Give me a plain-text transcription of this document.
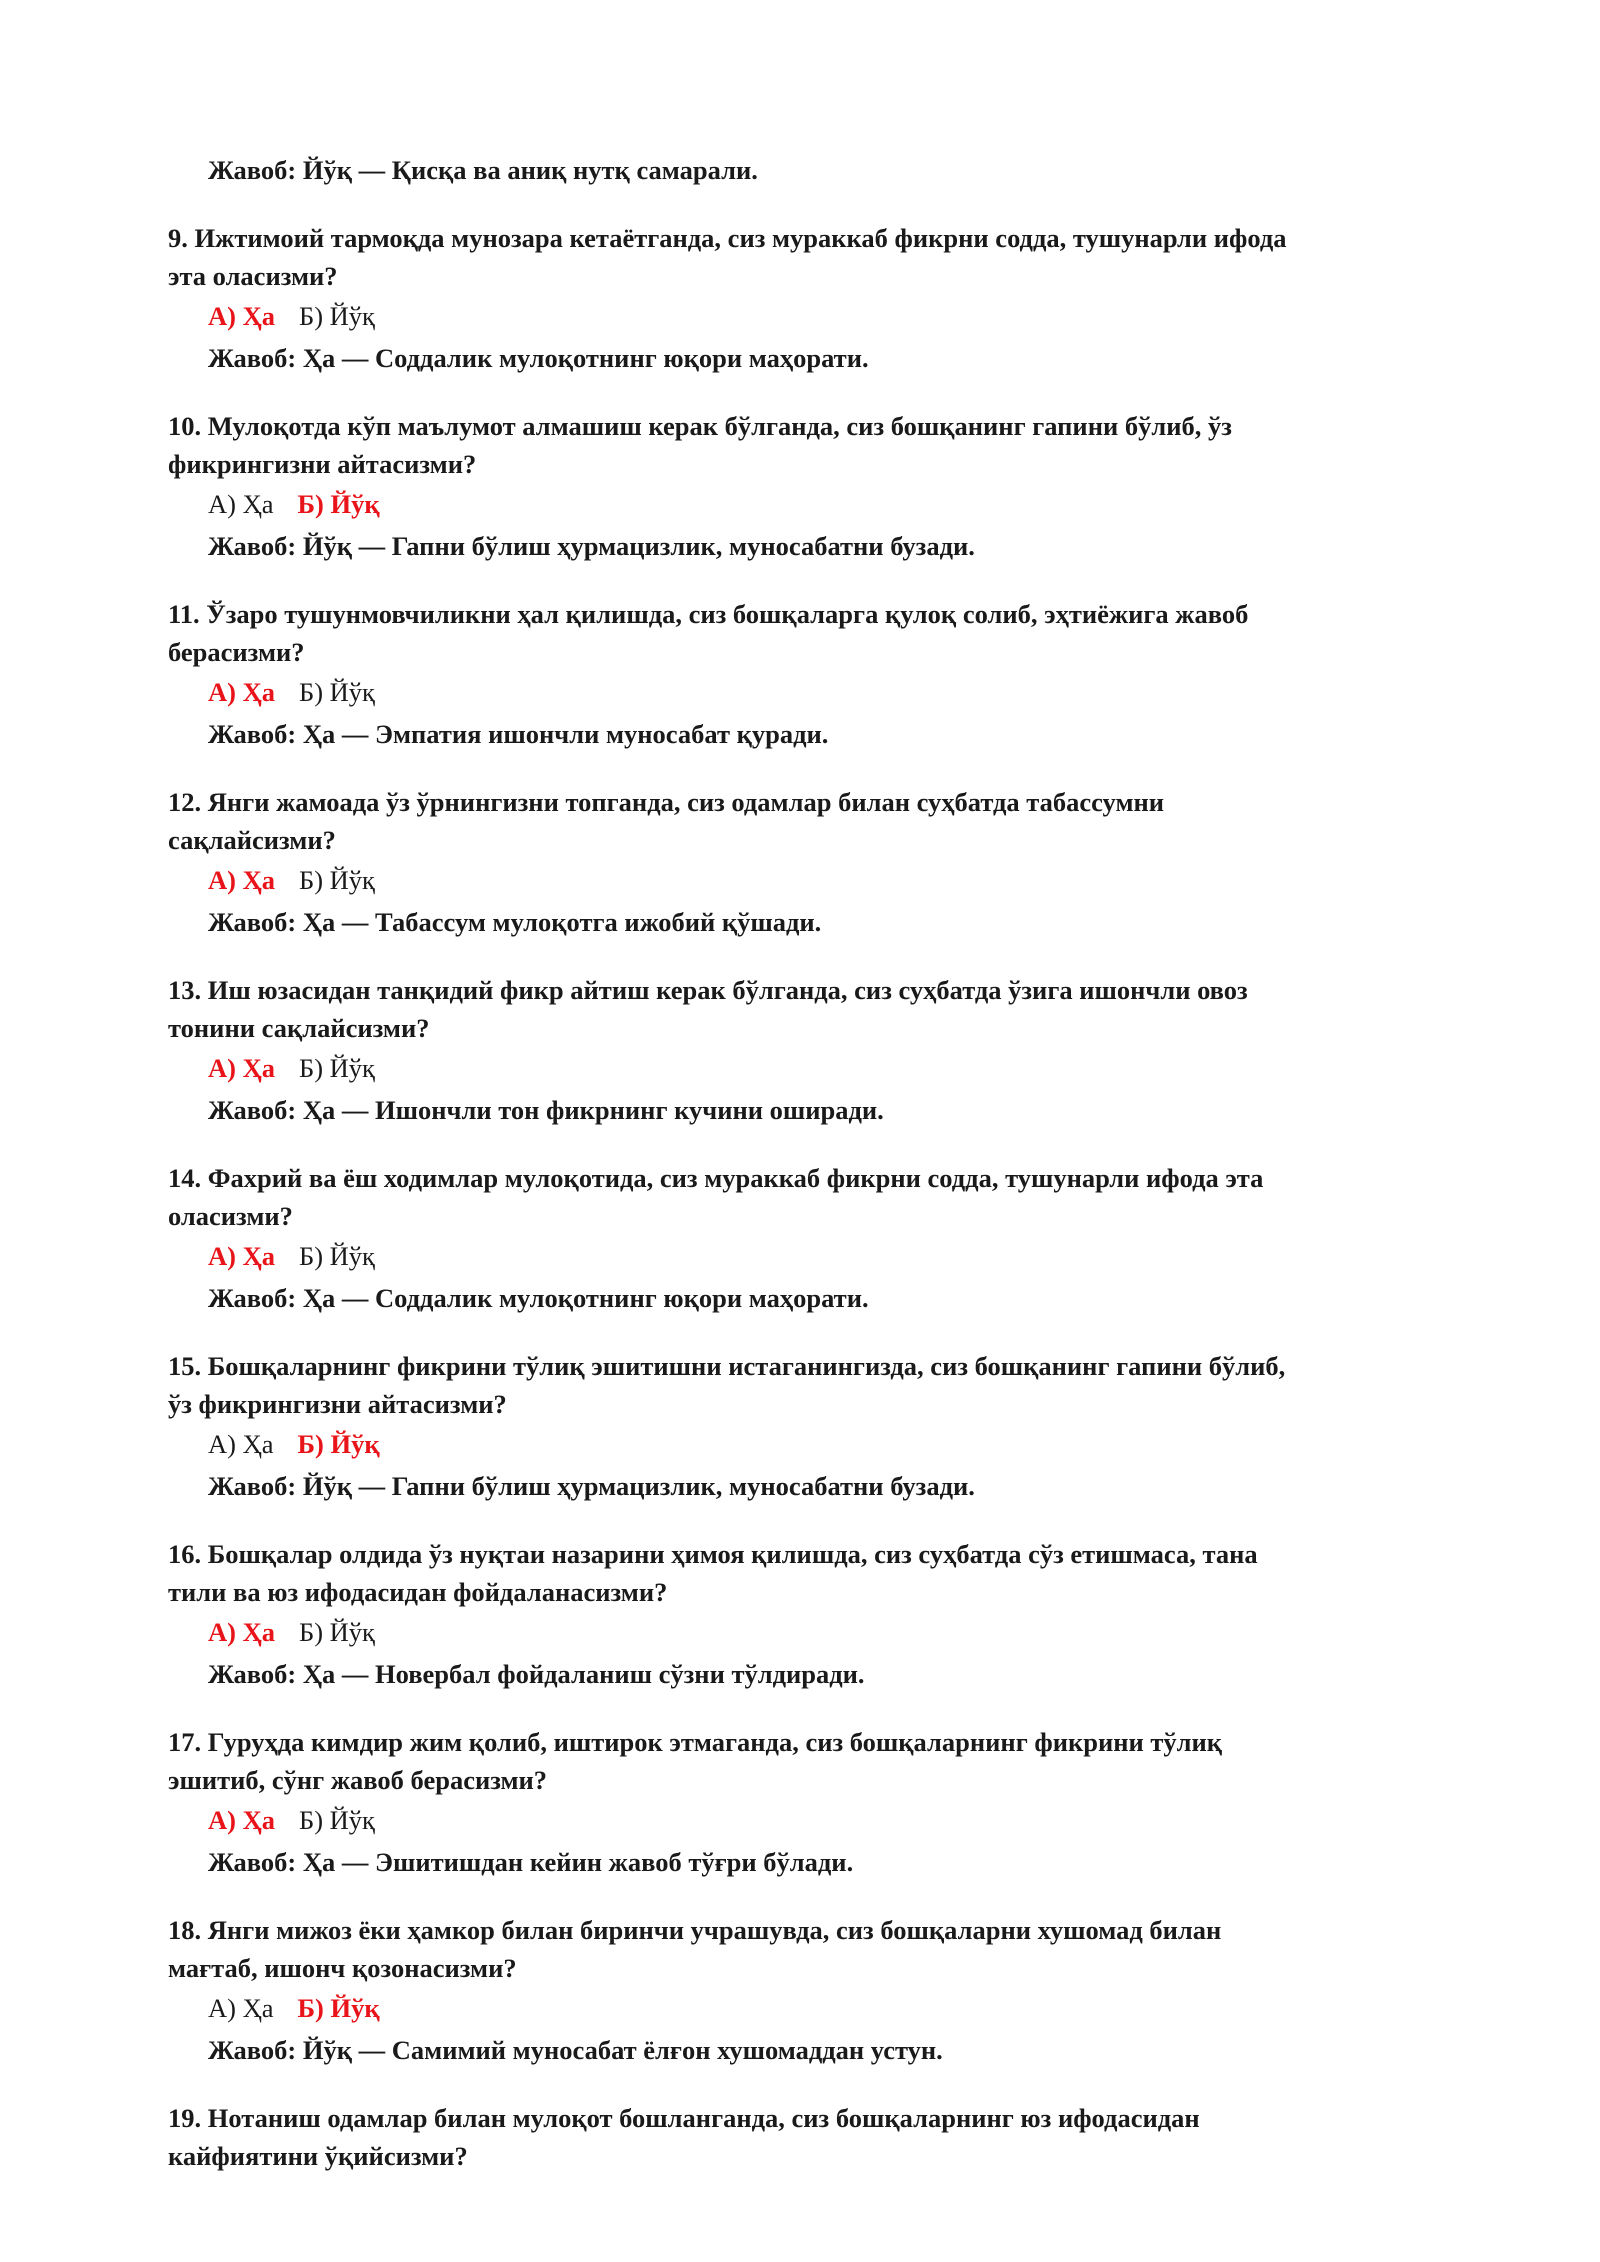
Жавоб: Йўқ — Қисқа ва аниқ нутқ самарали.
9. Ижтимоий тармоқда мунозара кетаётганда, сиз мураккаб фикрни содда, тушунарли ифода
эта оласизми?
А) Ҳа Б) Йўқ
Жавоб: Ҳа — Соддалик мулоқотнинг юқори маҳорати.
10. Мулоқотда кўп маълумот алмашиш керак бўлганда, сиз бошқанинг гапини бўлиб, ўз
фикрингизни айтасизми?
А) Ҳа Б) Йўқ
Жавоб: Йўқ — Гапни бўлиш ҳурмацизлик, муносабатни бузади.
11. Ўзаро тушунмовчиликни ҳал қилишда, сиз бошқаларга қулоқ солиб, эҳтиёжига жавоб
берасизми?
А) Ҳа Б) Йўқ
Жавоб: Ҳа — Эмпатия ишончли муносабат қуради.
12. Янги жамоада ўз ўрнингизни топганда, сиз одамлар билан суҳбатда табассумни
сақлайсизми?
А) Ҳа Б) Йўқ
Жавоб: Ҳа — Табассум мулоқотга ижобий қўшади.
13. Иш юзасидан танқидий фикр айтиш керак бўлганда, сиз суҳбатда ўзига ишончли овоз
тонини сақлайсизми?
А) Ҳа Б) Йўқ
Жавоб: Ҳа — Ишончли тон фикрнинг кучини оширади.
14. Фахрий ва ёш ходимлар мулоқотида, сиз мураккаб фикрни содда, тушунарли ифода эта
оласизми?
А) Ҳа Б) Йўқ
Жавоб: Ҳа — Соддалик мулоқотнинг юқори маҳорати.
15. Бошқаларнинг фикрини тўлиқ эшитишни истаганингизда, сиз бошқанинг гапини бўлиб,
ўз фикрингизни айтасизми?
А) Ҳа Б) Йўқ
Жавоб: Йўқ — Гапни бўлиш ҳурмацизлик, муносабатни бузади.
16. Бошқалар олдида ўз нуқтаи назарини ҳимоя қилишда, сиз суҳбатда сўз етишмаса, тана
тили ва юз ифодасидан фойдаланасизми?
А) Ҳа Б) Йўқ
Жавоб: Ҳа — Новербал фойдаланиш сўзни тўлдиради.
17. Гуруҳда кимдир жим қолиб, иштирок этмаганда, сиз бошқаларнинг фикрини тўлиқ
эшитиб, сўнг жавоб берасизми?
А) Ҳа Б) Йўқ
Жавоб: Ҳа — Эшитишдан кейин жавоб тўғри бўлади.
18. Янги мижоз ёки ҳамкор билан биринчи учрашувда, сиз бошқаларни хушомад билан
мағтаб, ишонч қозонасизми?
А) Ҳа Б) Йўқ
Жавоб: Йўқ — Самимий муносабат ёлғон хушомаддан устун.
19. Нотаниш одамлар билан мулоқот бошланганда, сиз бошқаларнинг юз ифодасидан
кайфиятини ўқийсизми?
